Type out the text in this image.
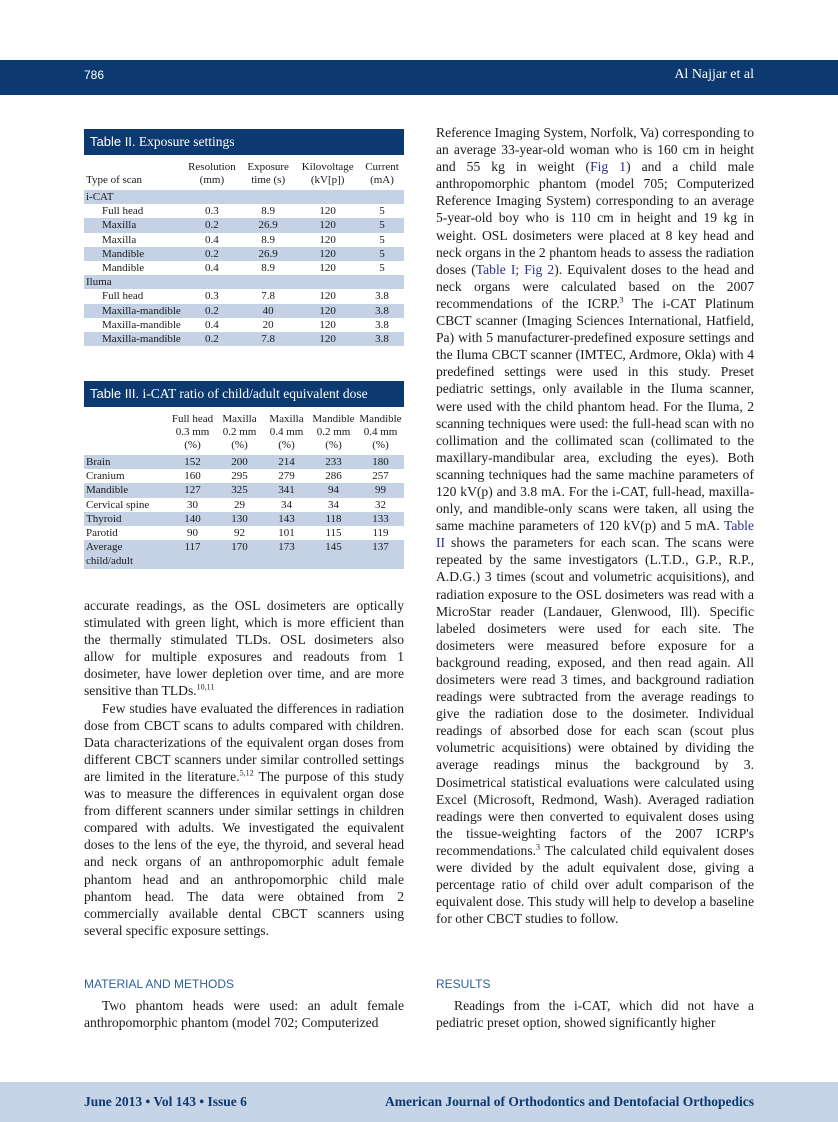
786	Al Najjar et al
Table II. Exposure settings
Type of scan	Resolution (mm)	Exposure time (s)	Kilovoltage (kV[p])	Current (mA)
i-CAT				
Full head	0.3	8.9	120	5
Maxilla	0.2	26.9	120	5
Maxilla	0.4	8.9	120	5
Mandible	0.2	26.9	120	5
Mandible	0.4	8.9	120	5
Iluma				
Full head	0.3	7.8	120	3.8
Maxilla-mandible	0.2	40	120	3.8
Maxilla-mandible	0.4	20	120	3.8
Maxilla-mandible	0.2	7.8	120	3.8
Table III. i-CAT ratio of child/adult equivalent dose
	Full head 0.3 mm (%)	Maxilla 0.2 mm (%)	Maxilla 0.4 mm (%)	Mandible 0.2 mm (%)	Mandible 0.4 mm (%)
Brain	152	200	214	233	180
Cranium	160	295	279	286	257
Mandible	127	325	341	94	99
Cervical spine	30	29	34	34	32
Thyroid	140	130	143	118	133
Parotid	90	92	101	115	119
Average child/adult	117	170	173	145	137

accurate readings, as the OSL dosimeters are optically stimulated with green light, which is more efficient than the thermally stimulated TLDs. OSL dosimeters also allow for multiple exposures and readouts from 1 dosimeter, have lower depletion over time, and are more sensitive than TLDs.$^{10,11}$

Few studies have evaluated the differences in radiation dose from CBCT scans to adults compared with children. Data characterizations of the equivalent organ doses from different CBCT scanners under similar controlled settings are limited in the literature.$^{5,12}$ The purpose of this study was to measure the differences in equivalent organ dose from different scanners under similar settings in children compared with adults. We investigated the equivalent doses to the lens of the eye, the thyroid, and several head and neck organs of an anthropomorphic adult female phantom head and an anthropomorphic child male phantom head. The data were obtained from 2 commercially available dental CBCT scanners using several specific exposure settings.

MATERIAL AND METHODS

Two phantom heads were used: an adult female anthropomorphic phantom (model 702; Computerized

Reference Imaging System, Norfolk, Va) corresponding to an average 33-year-old woman who is 160 cm in height and 55 kg in weight (Fig 1) and a child male anthropomorphic phantom (model 705; Computerized Reference Imaging System) corresponding to an average 5-year-old boy who is 110 cm in height and 19 kg in weight. OSL dosimeters were placed at 8 key head and neck organs in the 2 phantom heads to assess the radiation doses (Table I; Fig 2). Equivalent doses to the head and neck organs were calculated based on the 2007 recommendations of the ICRP.$^3$ The i-CAT Platinum CBCT scanner (Imaging Sciences International, Hatfield, Pa) with 5 manufacturer-predefined exposure settings and the Iluma CBCT scanner (IMTEC, Ardmore, Okla) with 4 predefined settings were used in this study. Preset pediatric settings, only available in the Iluma scanner, were used with the child phantom head. For the Iluma, 2 scanning techniques were used: the full-head scan with no collimation and the collimated scan (collimated to the maxillary-mandibular area, excluding the eyes). Both scanning techniques had the same machine parameters of 120 kV(p) and 3.8 mA. For the i-CAT, full-head, maxilla-only, and mandible-only scans were taken, all using the same machine parameters of 120 kV(p) and 5 mA. Table II shows the parameters for each scan. The scans were repeated by the same investigators (L.T.D., G.P., R.P., A.D.G.) 3 times (scout and volumetric acquisitions), and radiation exposure to the OSL dosimeters was read with a MicroStar reader (Landauer, Glenwood, Ill). Specific labeled dosimeters were used for each site. The dosimeters were measured before exposure for a background reading, exposed, and then read again. All dosimeters were read 3 times, and background radiation readings were subtracted from the average readings to give the radiation dose to the dosimeter. Individual readings of absorbed dose for each scan (scout plus volumetric acquisitions) were obtained by dividing the average readings minus the background by 3. Dosimetrical statistical evaluations were calculated using Excel (Microsoft, Redmond, Wash). Averaged radiation readings were then converted to equivalent doses using the tissue-weighting factors of the 2007 ICRP's recommendations.$^3$ The calculated child equivalent doses were divided by the adult equivalent dose, giving a percentage ratio of child over adult comparison of the equivalent dose. This study will help to develop a baseline for other CBCT studies to follow.

RESULTS

Readings from the i-CAT, which did not have a pediatric preset option, showed significantly higher

June 2013 • Vol 143 • Issue 6	American Journal of Orthodontics and Dentofacial Orthopedics
